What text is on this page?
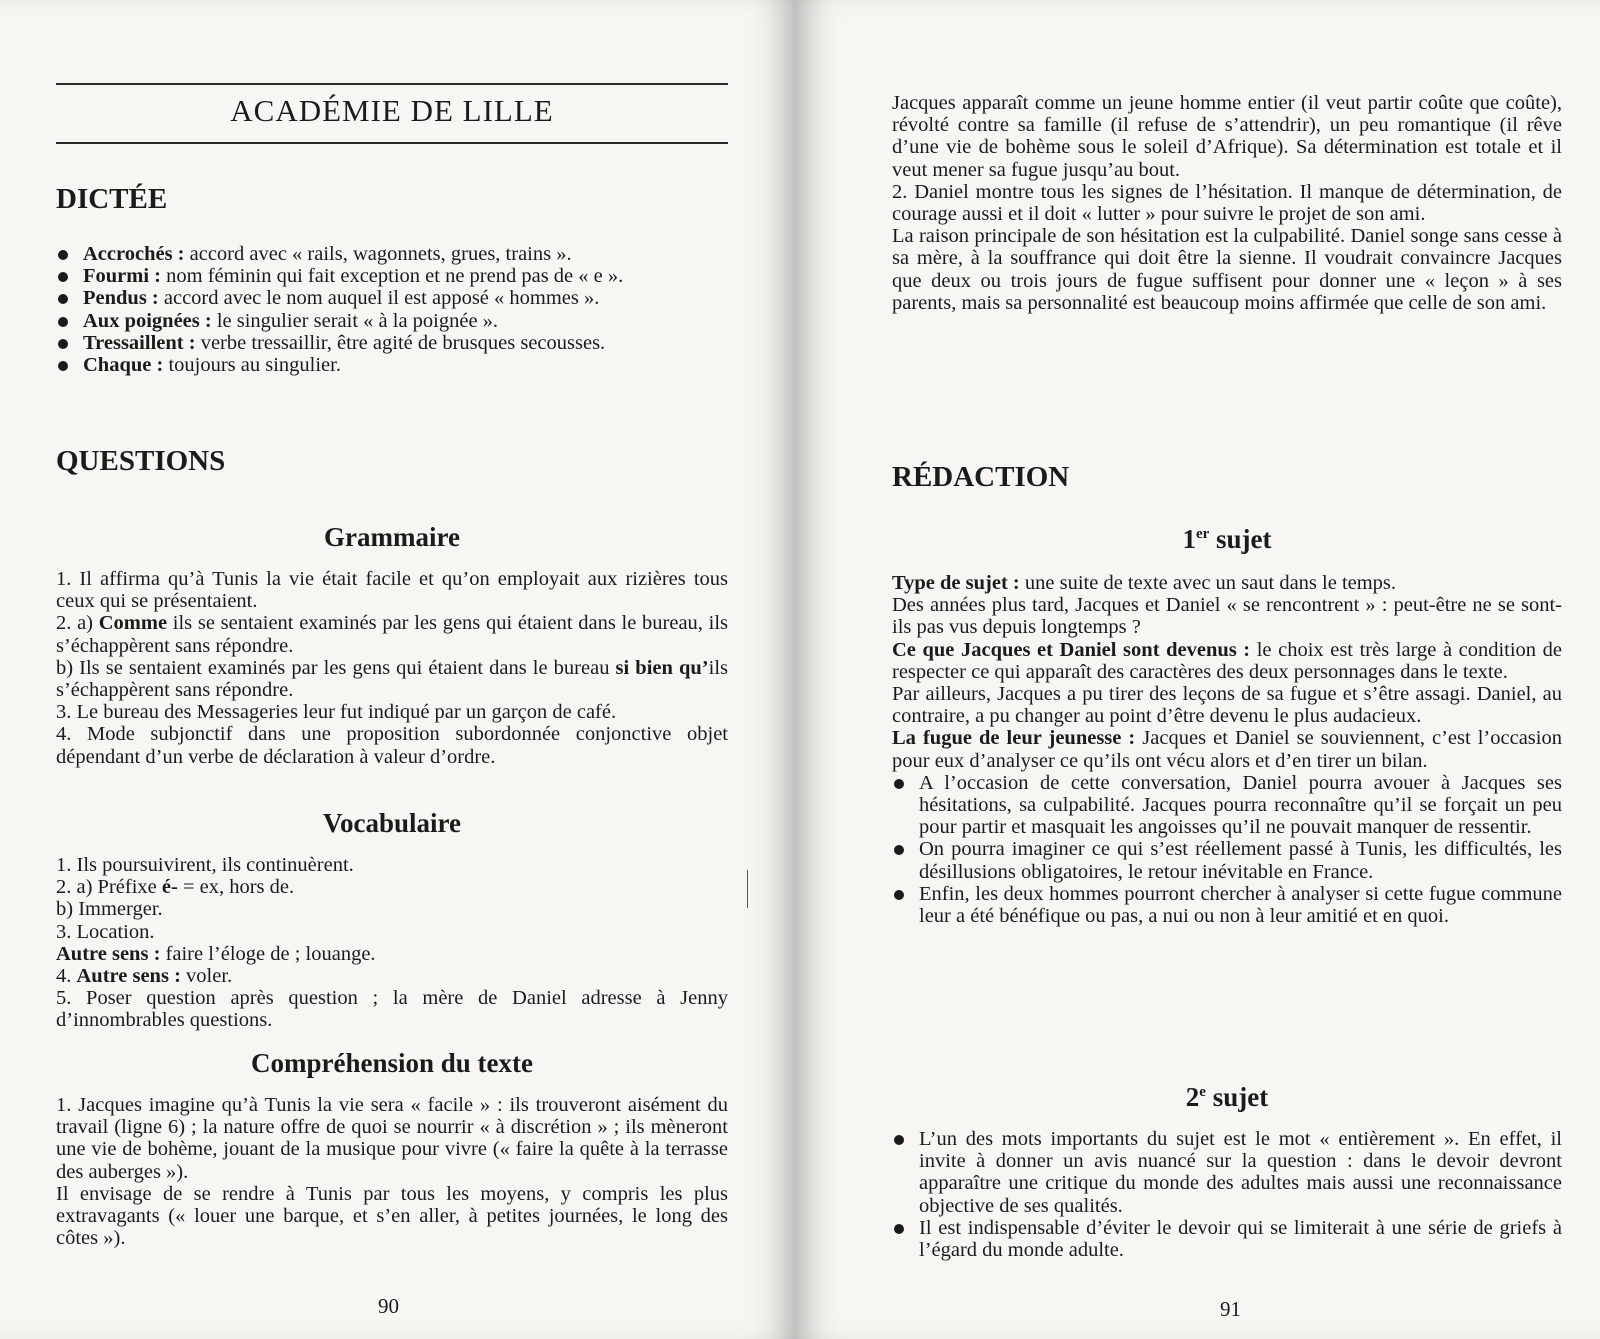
ACADÉMIE DE LILLE
DICTÉE

Accrochés : accord avec « rails, wagonnets, grues, trains ».

Fourmi : nom féminin qui fait exception et ne prend pas de « e ».

Pendus : accord avec le nom auquel il est apposé « hommes ».

Aux poignées : le singulier serait « à la poignée ».

Tressaillent : verbe tressaillir, être agité de brusques secousses.

Chaque : toujours au singulier.

QUESTIONS
Grammaire

1. Il affirma qu’à Tunis la vie était facile et qu’on employait aux rizières tous ceux qui se présentaient.

2. a) Comme ils se sentaient examinés par les gens qui étaient dans le bureau, ils s’échappèrent sans répondre.

b) Ils se sentaient examinés par les gens qui étaient dans le bureau si bien qu’ils s’échappèrent sans répondre.

3. Le bureau des Messageries leur fut indiqué par un garçon de café.

4. Mode subjonctif dans une proposition subordonnée conjonctive objet dépendant d’un verbe de déclaration à valeur d’ordre.

Vocabulaire

1. Ils poursuivirent, ils continuèrent.

2. a) Préfixe é- = ex, hors de.

b) Immerger.

3. Location.

Autre sens : faire l’éloge de ; louange.

4. Autre sens : voler.

5. Poser question après question ; la mère de Daniel adresse à Jenny d’innombrables questions.

Compréhension du texte

1. Jacques imagine qu’à Tunis la vie sera « facile » : ils trouveront aisément du travail (ligne 6) ; la nature offre de quoi se nourrir « à discrétion » ; ils mèneront une vie de bohème, jouant de la musique pour vivre (« faire la quête à la terrasse des auberges »).

Il envisage de se rendre à Tunis par tous les moyens, y compris les plus extravagants (« louer une barque, et s’en aller, à petites journées, le long des côtes »).

90

Jacques apparaît comme un jeune homme entier (il veut partir coûte que coûte), révolté contre sa famille (il refuse de s’attendrir), un peu romantique (il rêve d’une vie de bohème sous le soleil d’Afrique). Sa détermination est totale et il veut mener sa fugue jusqu’au bout.

2. Daniel montre tous les signes de l’hésitation. Il manque de détermination, de courage aussi et il doit « lutter » pour suivre le projet de son ami.

La raison principale de son hésitation est la culpabilité. Daniel songe sans cesse à sa mère, à la souffrance qui doit être la sienne. Il voudrait convaincre Jacques que deux ou trois jours de fugue suffisent pour donner une « leçon » à ses parents, mais sa personnalité est beaucoup moins affirmée que celle de son ami.

RÉDACTION
1er sujet

Type de sujet : une suite de texte avec un saut dans le temps.

Des années plus tard, Jacques et Daniel « se rencontrent » : peut-être ne se sont-ils pas vus depuis longtemps ?

Ce que Jacques et Daniel sont devenus : le choix est très large à condition de respecter ce qui apparaît des caractères des deux personnages dans le texte.

Par ailleurs, Jacques a pu tirer des leçons de sa fugue et s’être assagi. Daniel, au contraire, a pu changer au point d’être devenu le plus audacieux.

La fugue de leur jeunesse : Jacques et Daniel se souviennent, c’est l’occasion pour eux d’analyser ce qu’ils ont vécu alors et d’en tirer un bilan.

A l’occasion de cette conversation, Daniel pourra avouer à Jacques ses hésitations, sa culpabilité. Jacques pourra reconnaître qu’il se forçait un peu pour partir et masquait les angoisses qu’il ne pouvait manquer de ressentir.

On pourra imaginer ce qui s’est réellement passé à Tunis, les difficultés, les désillusions obligatoires, le retour inévitable en France.

Enfin, les deux hommes pourront chercher à analyser si cette fugue commune leur a été bénéfique ou pas, a nui ou non à leur amitié et en quoi.

2e sujet

L’un des mots importants du sujet est le mot « entièrement ». En effet, il invite à donner un avis nuancé sur la question : dans le devoir devront apparaître une critique du monde des adultes mais aussi une reconnaissance objective de ses qualités.

Il est indispensable d’éviter le devoir qui se limiterait à une série de griefs à l’égard du monde adulte.

91
